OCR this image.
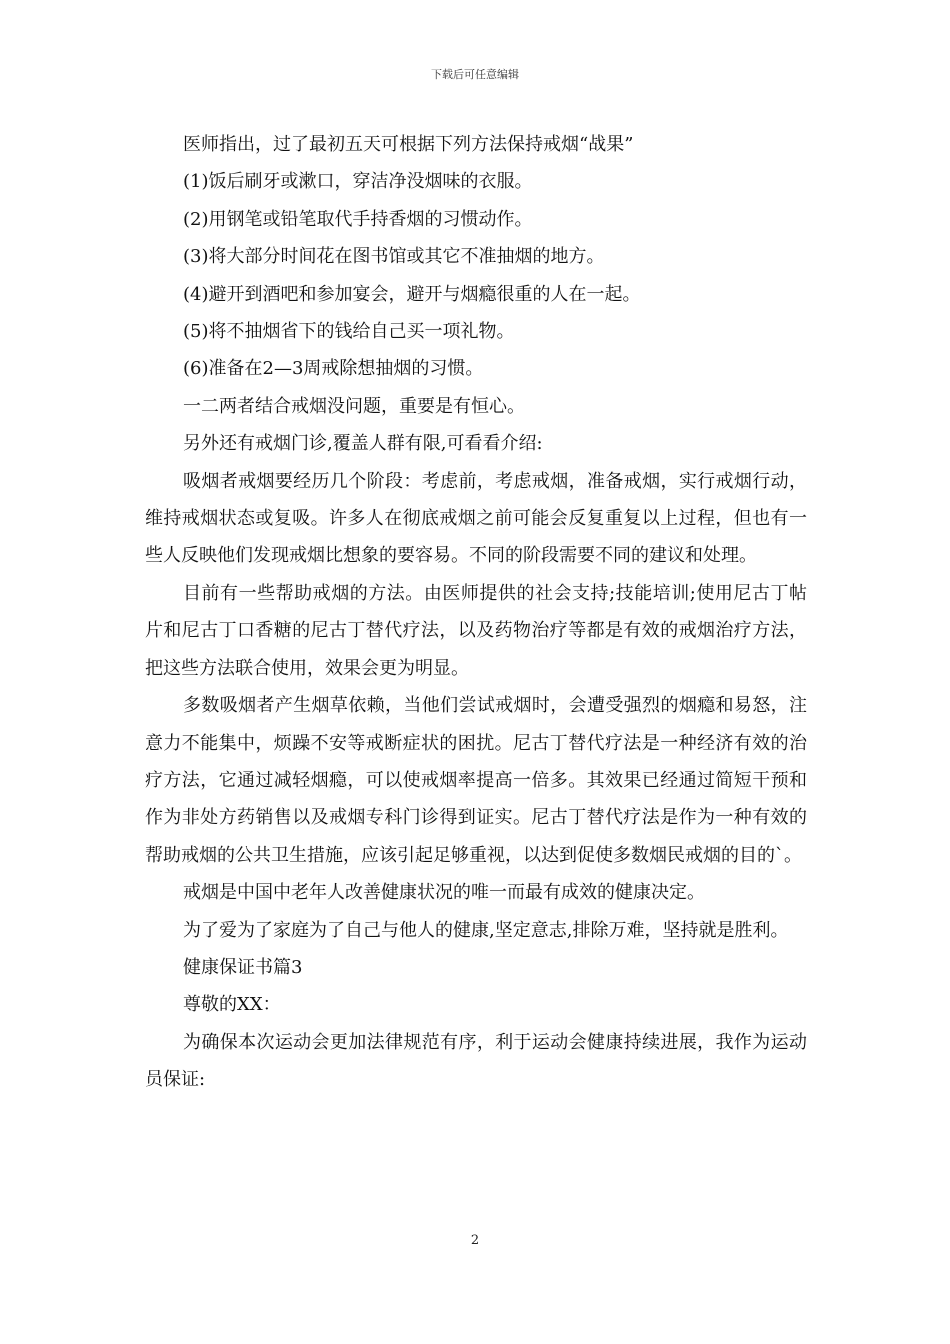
下载后可任意编辑

医师指出，过了最初五天可根据下列方法保持戒烟“战果”

(1)饭后刷牙或漱口，穿洁净没烟味的衣服。

(2)用钢笔或铅笔取代手持香烟的习惯动作。

(3)将大部分时间花在图书馆或其它不准抽烟的地方。

(4)避开到酒吧和参加宴会，避开与烟瘾很重的人在一起。

(5)将不抽烟省下的钱给自己买一项礼物。

(6)准备在2—3周戒除想抽烟的习惯。

一二两者结合戒烟没问题，重要是有恒心。

另外还有戒烟门诊,覆盖人群有限,可看看介绍:

吸烟者戒烟要经历几个阶段：考虑前，考虑戒烟，准备戒烟，实行戒烟行动，维持戒烟状态或复吸。许多人在彻底戒烟之前可能会反复重复以上过程，但也有一些人反映他们发现戒烟比想象的要容易。不同的阶段需要不同的建议和处理。

目前有一些帮助戒烟的方法。由医师提供的社会支持;技能培训;使用尼古丁帖片和尼古丁口香糖的尼古丁替代疗法，以及药物治疗等都是有效的戒烟治疗方法，把这些方法联合使用，效果会更为明显。

多数吸烟者产生烟草依赖，当他们尝试戒烟时，会遭受强烈的烟瘾和易怒，注意力不能集中，烦躁不安等戒断症状的困扰。尼古丁替代疗法是一种经济有效的治疗方法，它通过减轻烟瘾，可以使戒烟率提高一倍多。其效果已经通过简短干预和作为非处方药销售以及戒烟专科门诊得到证实。尼古丁替代疗法是作为一种有效的帮助戒烟的公共卫生措施，应该引起足够重视，以达到促使多数烟民戒烟的目的`。

戒烟是中国中老年人改善健康状况的唯一而最有成效的健康决定。

为了爱为了家庭为了自己与他人的健康,坚定意志,排除万难，坚持就是胜利。

健康保证书篇3

尊敬的XX：

为确保本次运动会更加法律规范有序，利于运动会健康持续进展，我作为运动员保证:

2
